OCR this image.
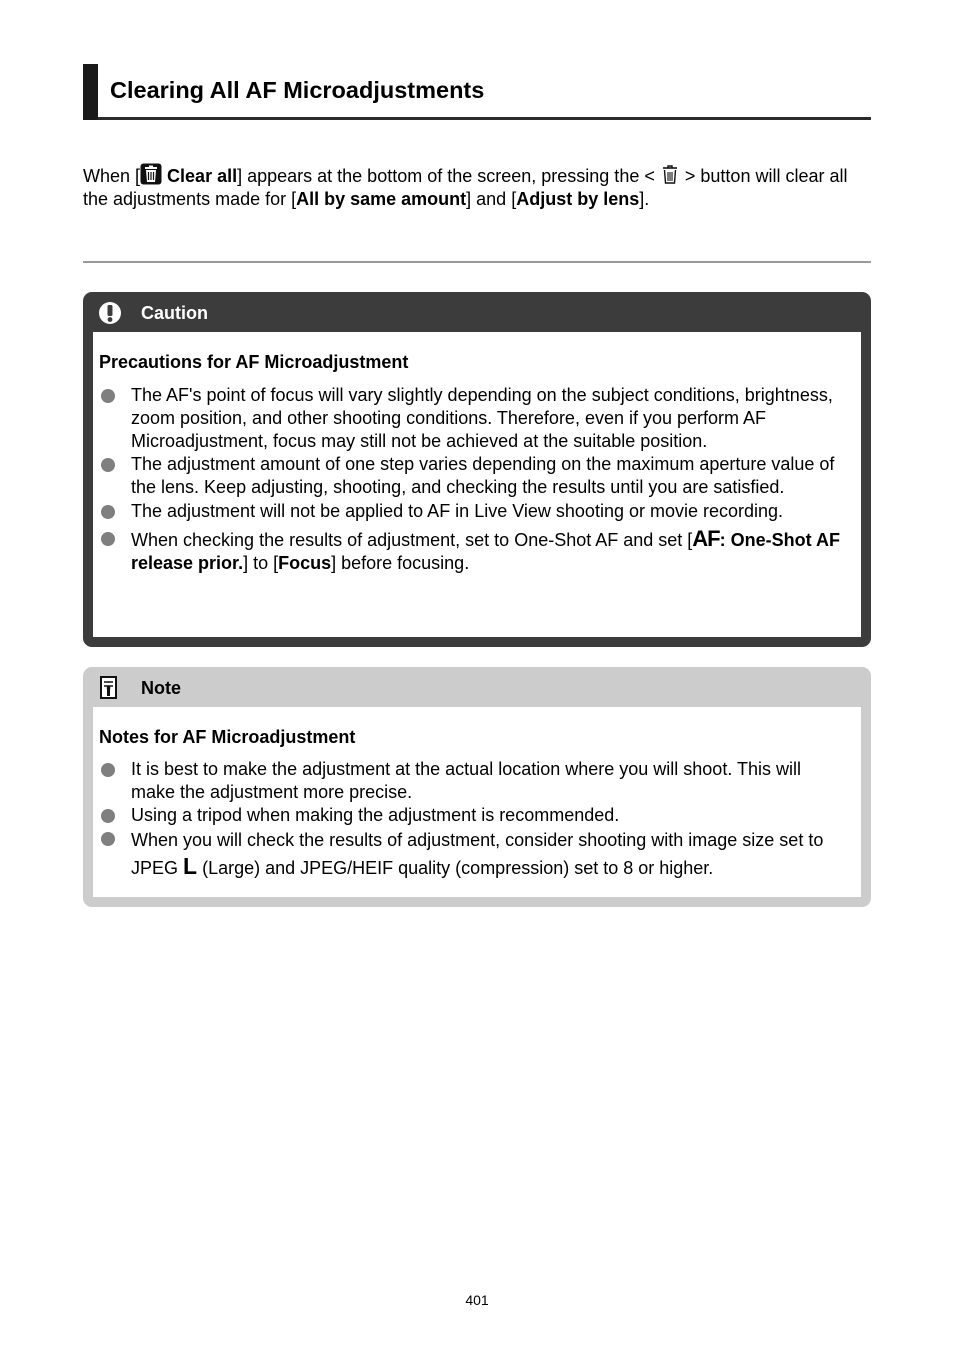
Clearing All AF Microadjustments
When [ Clear all] appears at the bottom of the screen, pressing the < > button will clear all the adjustments made for [All by same amount] and [Adjust by lens].
Caution
Precautions for AF Microadjustment
The AF's point of focus will vary slightly depending on the subject conditions, brightness, zoom position, and other shooting conditions. Therefore, even if you perform AF Microadjustment, focus may still not be achieved at the suitable position.
The adjustment amount of one step varies depending on the maximum aperture value of the lens. Keep adjusting, shooting, and checking the results until you are satisfied.
The adjustment will not be applied to AF in Live View shooting or movie recording.
When checking the results of adjustment, set to One-Shot AF and set [AF: One-Shot AF release prior.] to [Focus] before focusing.
Note
Notes for AF Microadjustment
It is best to make the adjustment at the actual location where you will shoot. This will make the adjustment more precise.
Using a tripod when making the adjustment is recommended.
When you will check the results of adjustment, consider shooting with image size set to JPEG L (Large) and JPEG/HEIF quality (compression) set to 8 or higher.
401
